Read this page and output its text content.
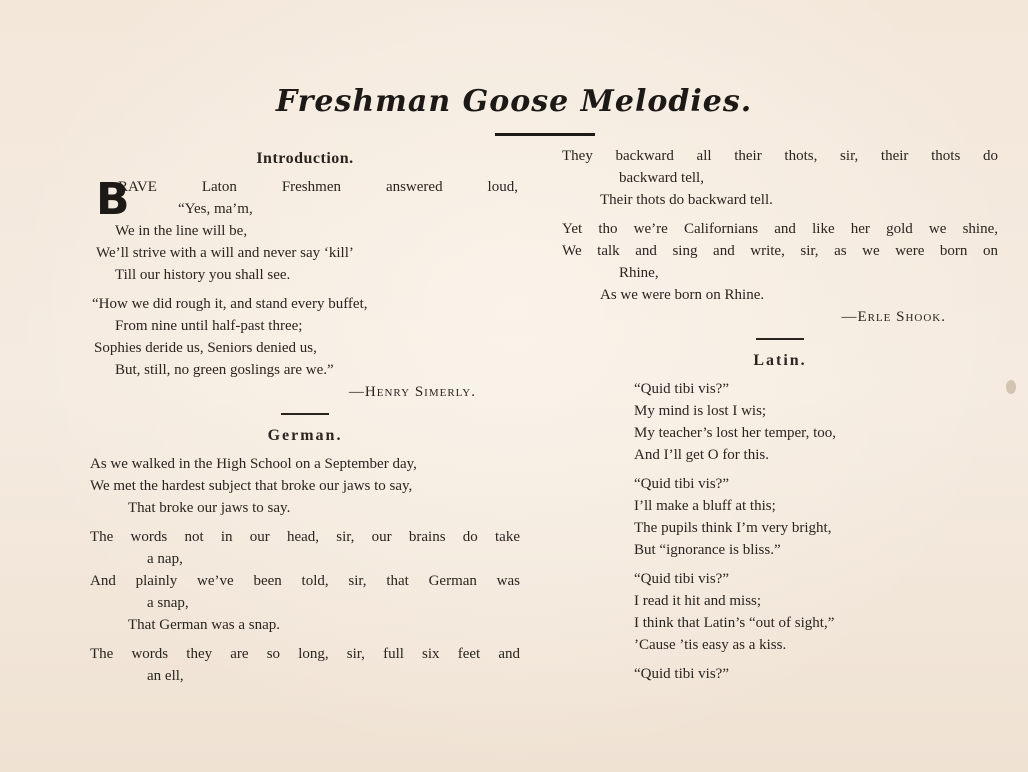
Freshman Goose Melodies.
Introduction.
B
RAVE	Laton	Freshmen	answered	loud,
“Yes, ma’m,
We in the line will be,
We’ll strive with a will and never say ‘kill’
Till our history you shall see.
“How we did rough it, and stand every buffet,
From nine until half-past three;
Sophies deride us, Seniors denied us,
But, still, no green goslings are we.”
—Henry Simerly.
German.
As we walked in the High School on a September day,
We met the hardest subject that broke our jaws to say,
That broke our jaws to say.
The words not in our head, sir, our brains do take
a nap,
And plainly we’ve been told, sir, that German was
a snap,
That German was a snap.
The words they are so long, sir, full six feet and
an ell,
They backward all their thots, sir, their thots do
backward tell,
Their thots do backward tell.
Yet tho we’re Californians and like her gold we shine,
We talk and sing and write, sir, as we were born on
Rhine,
As we were born on Rhine.
—Erle Shook.
Latin.
“Quid tibi vis?”
My mind is lost I wis;
My teacher’s lost her temper, too,
And I’ll get O for this.
“Quid tibi vis?”
I’ll make a bluff at this;
The pupils think I’m very bright,
But “ignorance is bliss.”
“Quid tibi vis?”
I read it hit and miss;
I think that Latin’s “out of sight,”
’Cause ’tis easy as a kiss.
“Quid tibi vis?”
